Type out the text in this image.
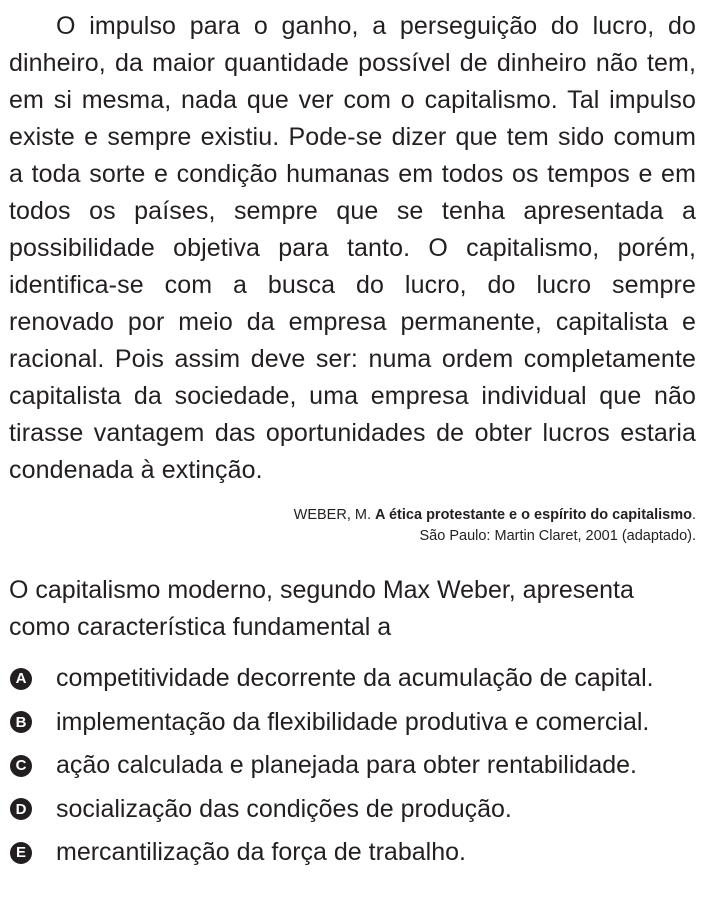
O impulso para o ganho, a perseguição do lucro, do dinheiro, da maior quantidade possível de dinheiro não tem, em si mesma, nada que ver com o capitalismo. Tal impulso existe e sempre existiu. Pode-se dizer que tem sido comum a toda sorte e condição humanas em todos os tempos e em todos os países, sempre que se tenha apresentada a possibilidade objetiva para tanto. O capitalismo, porém, identifica-se com a busca do lucro, do lucro sempre renovado por meio da empresa permanente, capitalista e racional. Pois assim deve ser: numa ordem completamente capitalista da sociedade, uma empresa individual que não tirasse vantagem das oportunidades de obter lucros estaria condenada à extinção.

WEBER, M. A ética protestante e o espírito do capitalismo.
São Paulo: Martin Claret, 2001 (adaptado).

O capitalismo moderno, segundo Max Weber, apresenta como característica fundamental a

A competitividade decorrente da acumulação de capital.
B implementação da flexibilidade produtiva e comercial.
C ação calculada e planejada para obter rentabilidade.
D socialização das condições de produção.
E mercantilização da força de trabalho.
